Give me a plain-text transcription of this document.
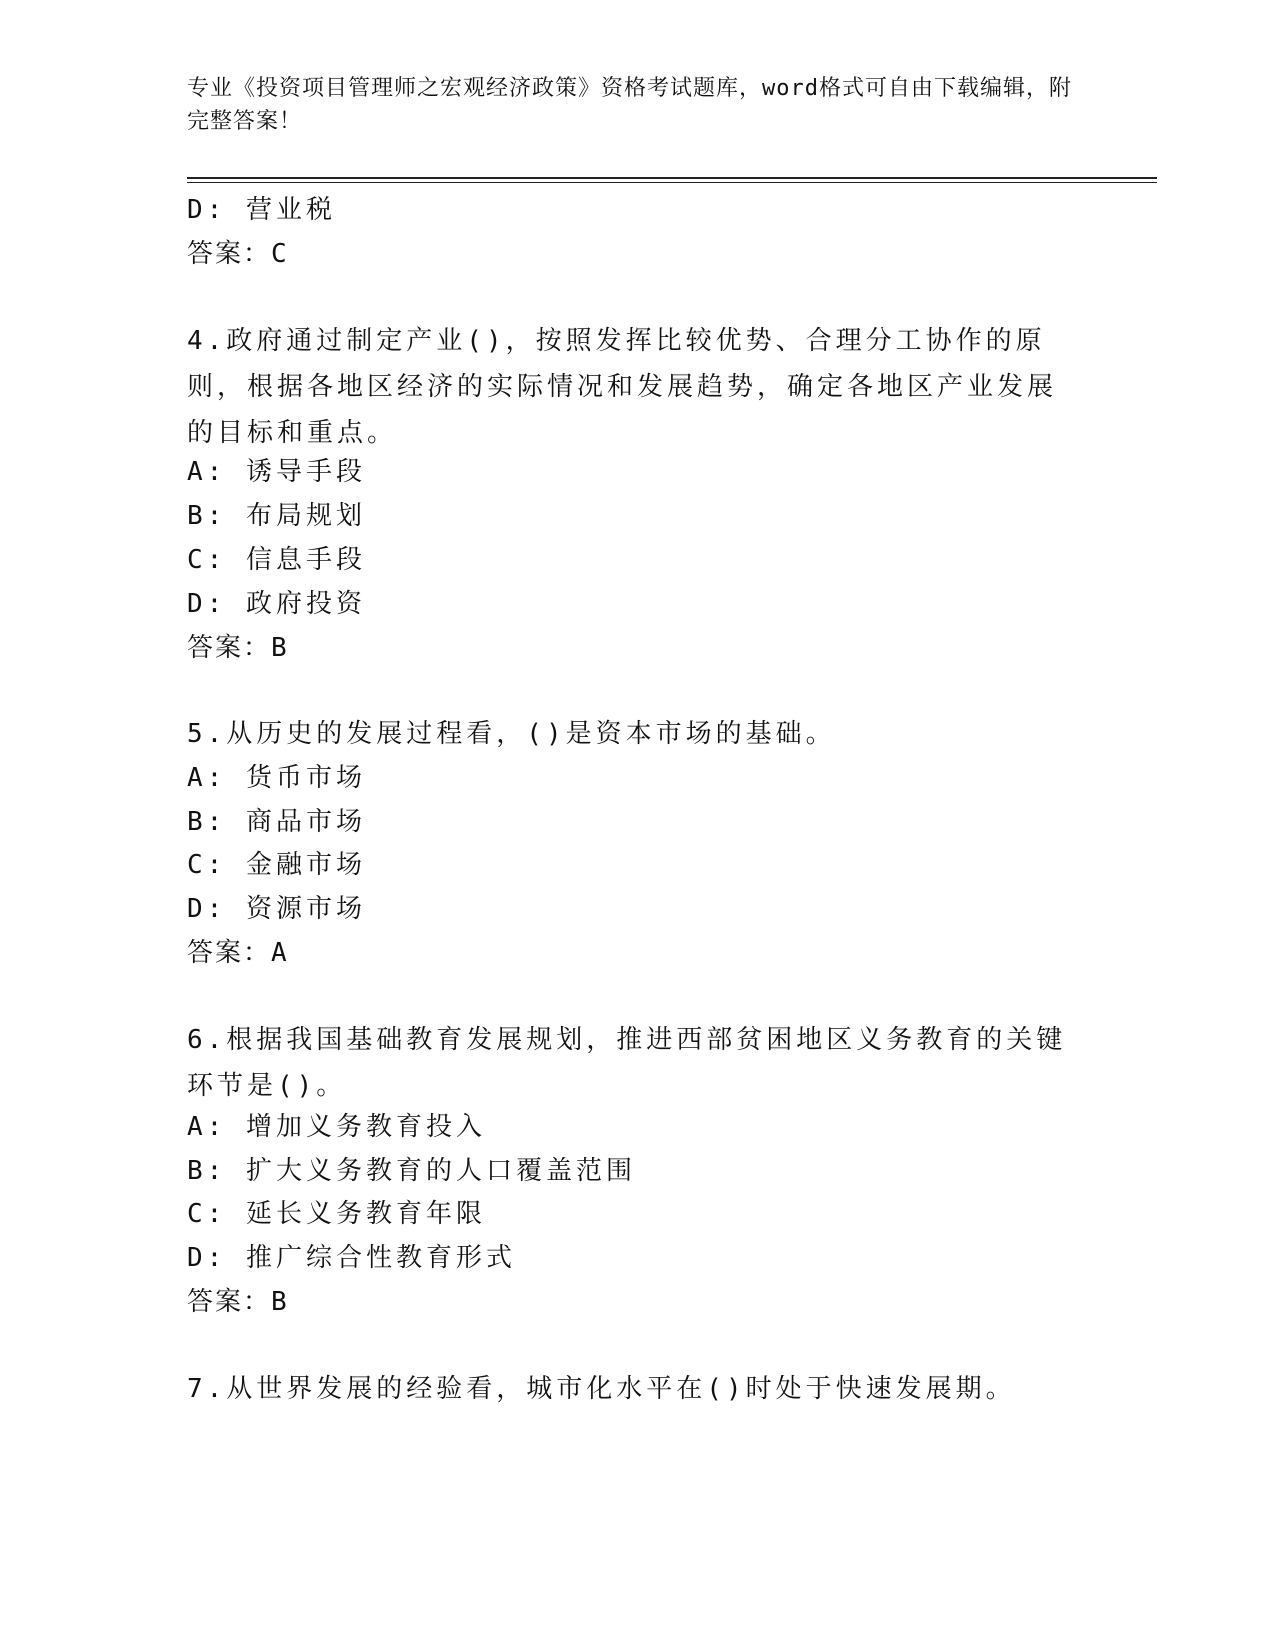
专业《投资项目管理师之宏观经济政策》资格考试题库，word格式可自由下载编辑，附完整答案！
D: 营业税
答案：C
4.政府通过制定产业()，按照发挥比较优势、合理分工协作的原则，根据各地区经济的实际情况和发展趋势，确定各地区产业发展的目标和重点。
A: 诱导手段
B: 布局规划
C: 信息手段
D: 政府投资
答案：B
5.从历史的发展过程看，()是资本市场的基础。
A: 货币市场
B: 商品市场
C: 金融市场
D: 资源市场
答案：A
6.根据我国基础教育发展规划，推进西部贫困地区义务教育的关键环节是()。
A: 增加义务教育投入
B: 扩大义务教育的人口覆盖范围
C: 延长义务教育年限
D: 推广综合性教育形式
答案：B
7.从世界发展的经验看，城市化水平在()时处于快速发展期。
